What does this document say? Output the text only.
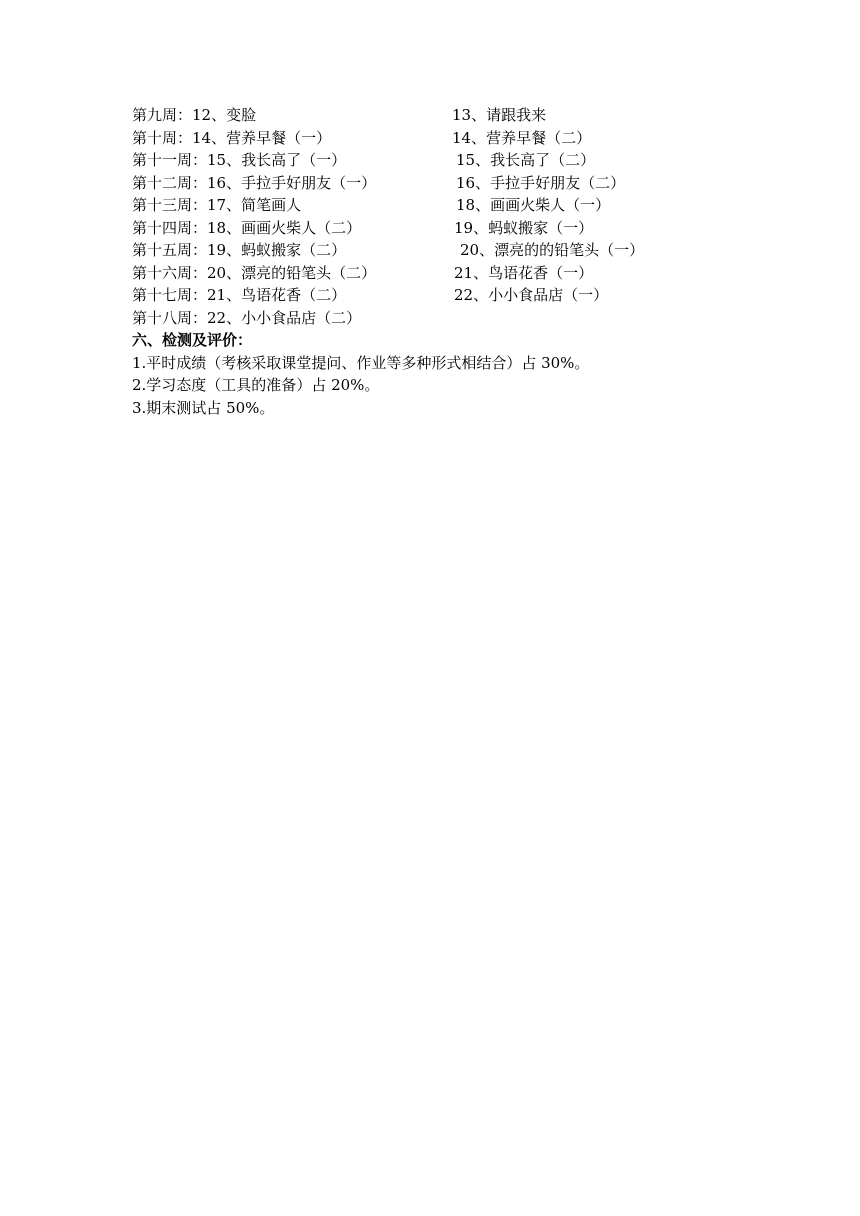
第九周：12、变脸	13、请跟我来
第十周：14、营养早餐（一）	14、营养早餐（二）
第十一周：15、我长高了（一）	15、我长高了（二）
第十二周：16、手拉手好朋友（一）	16、手拉手好朋友（二）
第十三周：17、简笔画人	18、画画火柴人（一）
第十四周：18、画画火柴人（二）	19、蚂蚁搬家（一）
第十五周：19、蚂蚁搬家（二）	20、漂亮的的铅笔头（一）
第十六周：20、漂亮的铅笔头（二）	21、鸟语花香（一）
第十七周：21、鸟语花香（二）	22、小小食品店（一）
第十八周：22、小小食品店（二）
六、检测及评价：
1.平时成绩（考核采取课堂提问、作业等多种形式相结合）占 30%。
2.学习态度（工具的准备）占 20%。
3.期末测试占 50%。
